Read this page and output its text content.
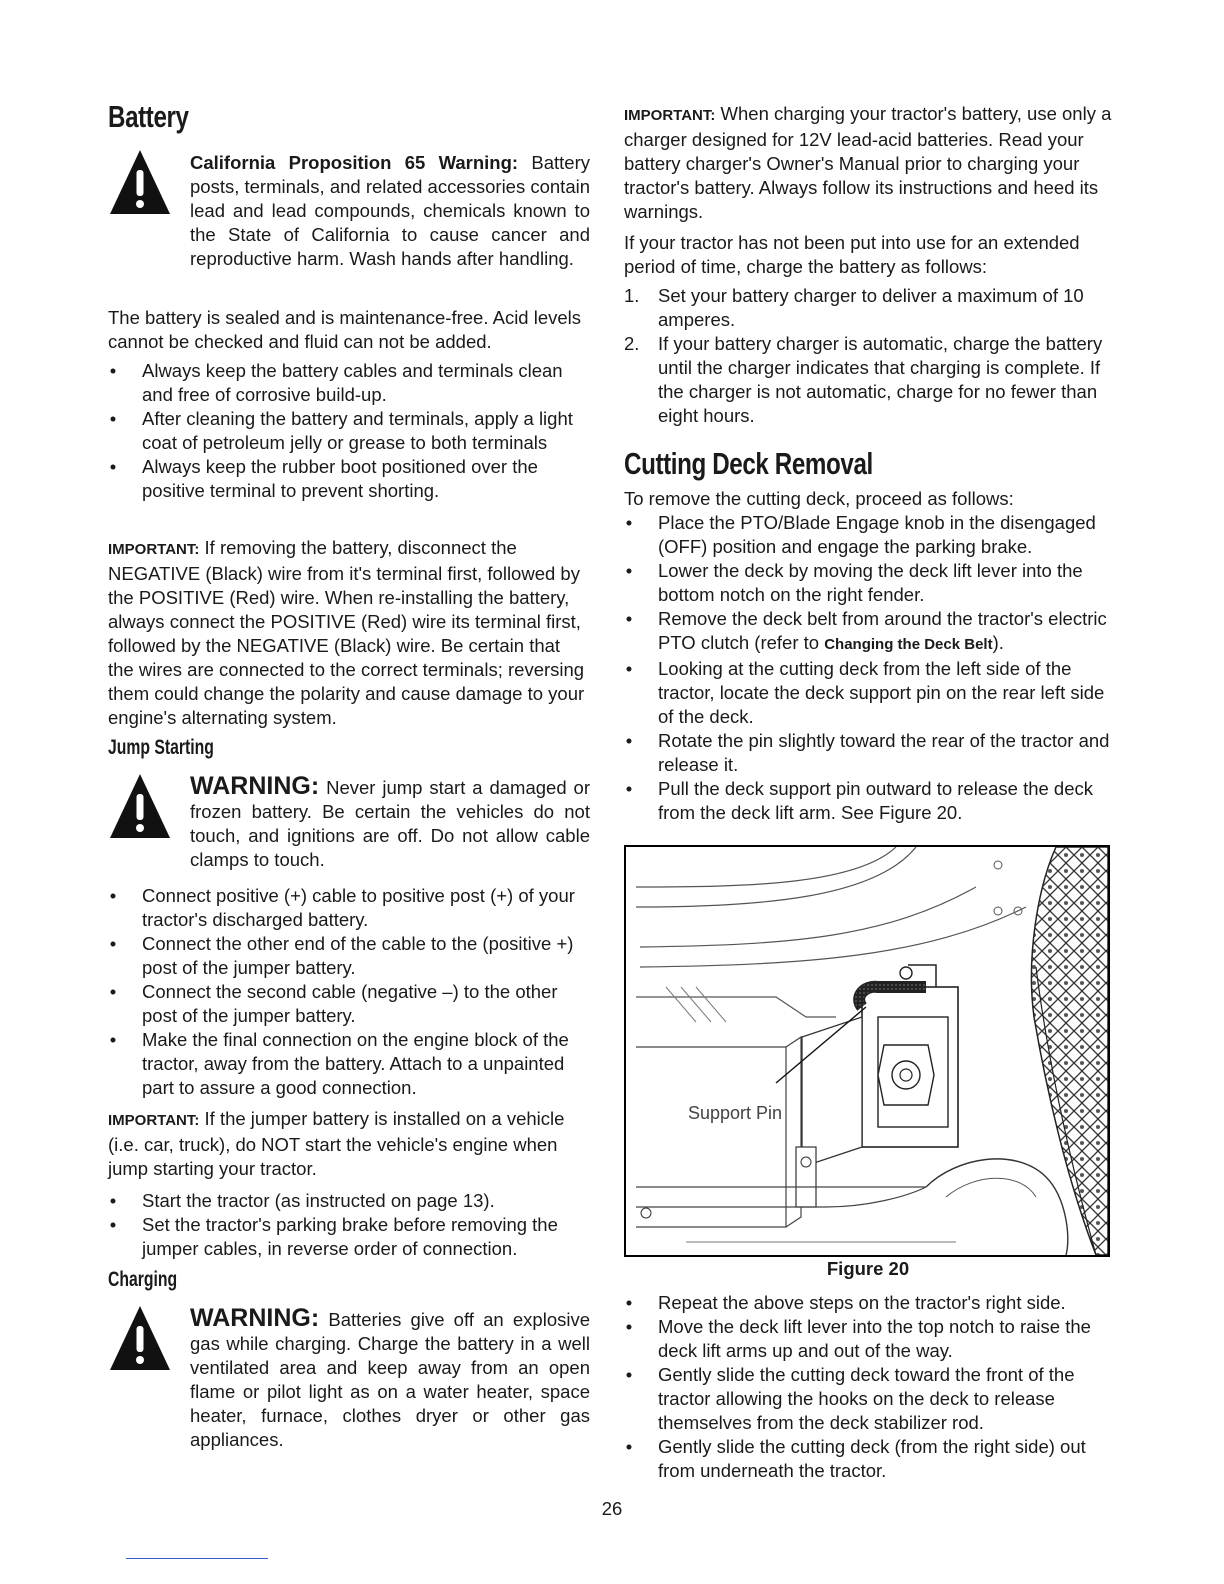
Battery
California Proposition 65 Warning: Battery posts, terminals, and related accessories contain lead and lead compounds, chemicals known to the State of California to cause cancer and reproductive harm. Wash hands after handling.

The battery is sealed and is maintenance-free. Acid levels cannot be checked and fluid can not be added.

• Always keep the battery cables and terminals clean and free of corrosive build-up.
• After cleaning the battery and terminals, apply a light coat of petroleum jelly or grease to both terminals
• Always keep the rubber boot positioned over the positive terminal to prevent shorting.

IMPORTANT: If removing the battery, disconnect the NEGATIVE (Black) wire from it's terminal first, followed by the POSITIVE (Red) wire. When re-installing the battery, always connect the POSITIVE (Red) wire its terminal first, followed by the NEGATIVE (Black) wire. Be certain that the wires are connected to the correct terminals; reversing them could change the polarity and cause damage to your engine's alternating system.

Jump Starting
WARNING: Never jump start a damaged or frozen battery. Be certain the vehicles do not touch, and ignitions are off. Do not allow cable clamps to touch.
• Connect positive (+) cable to positive post (+) of your tractor's discharged battery.
• Connect the other end of the cable to the (positive +) post of the jumper battery.
• Connect the second cable (negative –) to the other post of the jumper battery.
• Make the final connection on the engine block of the tractor, away from the battery. Attach to a unpainted part to assure a good connection.

IMPORTANT: If the jumper battery is installed on a vehicle (i.e. car, truck), do NOT start the vehicle's engine when jump starting your tractor.

• Start the tractor (as instructed on page 13).
• Set the tractor's parking brake before removing the jumper cables, in reverse order of connection.
Charging
WARNING: Batteries give off an explosive gas while charging. Charge the battery in a well ventilated area and keep away from an open flame or pilot light as on a water heater, space heater, furnace, clothes dryer or other gas appliances.

IMPORTANT: When charging your tractor's battery, use only a charger designed for 12V lead-acid batteries. Read your battery charger's Owner's Manual prior to charging your tractor's battery. Always follow its instructions and heed its warnings.

If your tractor has not been put into use for an extended period of time, charge the battery as follows:

1. Set your battery charger to deliver a maximum of 10 amperes.
2. If your battery charger is automatic, charge the battery until the charger indicates that charging is complete. If the charger is not automatic, charge for no fewer than eight hours.
Cutting Deck Removal

To remove the cutting deck, proceed as follows:

• Place the PTO/Blade Engage knob in the disengaged (OFF) position and engage the parking brake.
• Lower the deck by moving the deck lift lever into the bottom notch on the right fender.
• Remove the deck belt from around the tractor's electric PTO clutch (refer to Changing the Deck Belt).
• Looking at the cutting deck from the left side of the tractor, locate the deck support pin on the rear left side of the deck.
• Rotate the pin slightly toward the rear of the tractor and release it.
• Pull the deck support pin outward to release the deck from the deck lift arm. See Figure 20.
Support Pin
Figure 20
• Repeat the above steps on the tractor's right side.
• Move the deck lift lever into the top notch to raise the deck lift arms up and out of the way.
• Gently slide the cutting deck toward the front of the tractor allowing the hooks on the deck to release themselves from the deck stabilizer rod.
• Gently slide the cutting deck (from the right side) out from underneath the tractor.
26
